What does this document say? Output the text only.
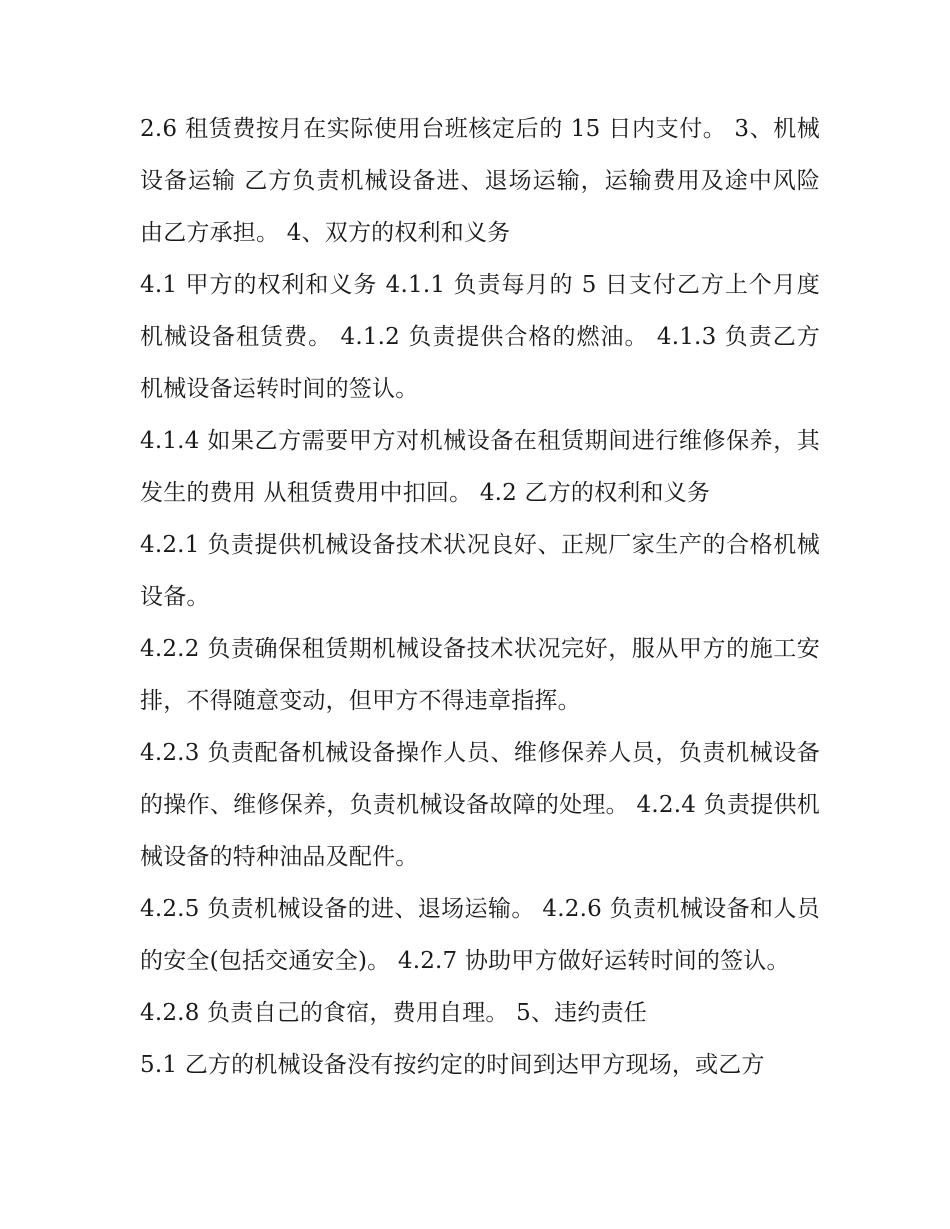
2.6 租赁费按月在实际使用台班核定后的 15 日内支付。 3、机械设备运输 乙方负责机械设备进、退场运输，运输费用及途中风险由乙方承担。 4、双方的权利和义务

4.1 甲方的权利和义务 4.1.1 负责每月的 5 日支付乙方上个月度机械设备租赁费。 4.1.2 负责提供合格的燃油。 4.1.3 负责乙方机械设备运转时间的签认。

4.1.4 如果乙方需要甲方对机械设备在租赁期间进行维修保养，其发生的费用 从租赁费用中扣回。 4.2 乙方的权利和义务

4.2.1 负责提供机械设备技术状况良好、正规厂家生产的合格机械设备。

4.2.2 负责确保租赁期机械设备技术状况完好，服从甲方的施工安排，不得随意变动，但甲方不得违章指挥。

4.2.3 负责配备机械设备操作人员、维修保养人员，负责机械设备的操作、维修保养，负责机械设备故障的处理。 4.2.4 负责提供机械设备的特种油品及配件。

4.2.5 负责机械设备的进、退场运输。 4.2.6 负责机械设备和人员的安全(包括交通安全)。 4.2.7 协助甲方做好运转时间的签认。

4.2.8 负责自己的食宿，费用自理。 5、违约责任

5.1 乙方的机械设备没有按约定的时间到达甲方现场，或乙方
